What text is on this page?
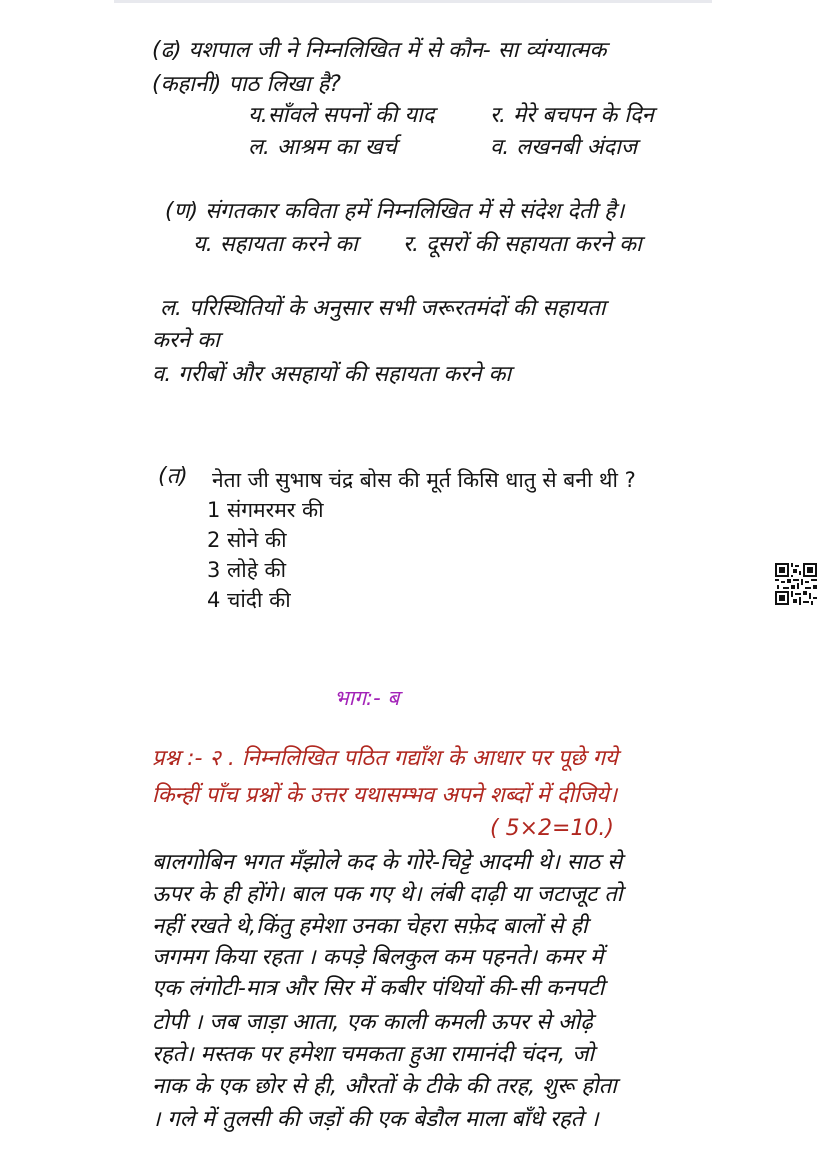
(ढ) यशपाल जी ने निम्नलिखित में से कौन- सा व्यंग्यात्मक
(कहानी) पाठ लिखा है?
य.साँवले सपनों की याद	र. मेरे बचपन के दिन
ल. आश्रम का खर्च	व. लखनबी अंदाज
(ण) संगतकार कविता हमें निम्नलिखित में से संदेश देती है।
य. सहायता करने का र. दूसरों की सहायता करने का
ल. परिस्थितियों के अनुसार सभी जरूरतमंदों की सहायता
करने का
व. गरीबों और असहायों की सहायता करने का
(त) नेता जी सुभाष चंद्र बोस की मूर्त किसि धातु से बनी थी ?
1 संगमरमर की
2 सोने की
3 लोहे की
4 चांदी की
भाग:- ब
प्रश्न :- २ . निम्नलिखित पठित गद्याँश के आधार पर पूछे गये
किन्हीं पाँच प्रश्नों के उत्तर यथासम्भव अपने शब्दों में दीजिये।
( 5×2=10.)
बालगोबिन भगत मँझोले कद के गोरे-चिट्टे आदमी थे। साठ से
ऊपर के ही होंगे। बाल पक गए थे। लंबी दाढ़ी या जटाजूट तो
नहीं रखते थे,किंतु हमेशा उनका चेहरा सफ़ेद बालों से ही
जगमग किया रहता । कपड़े बिलकुल कम पहनते। कमर में
एक लंगोटी-मात्र और सिर में कबीर पंथियों की-सी कनपटी
टोपी । जब जाड़ा आता, एक काली कमली ऊपर से ओढ़े
रहते। मस्तक पर हमेशा चमकता हुआ रामानंदी चंदन, जो
नाक के एक छोर से ही, औरतों के टीके की तरह, शुरू होता
। गले में तुलसी की जड़ों की एक बेडौल माला बाँधे रहते ।
